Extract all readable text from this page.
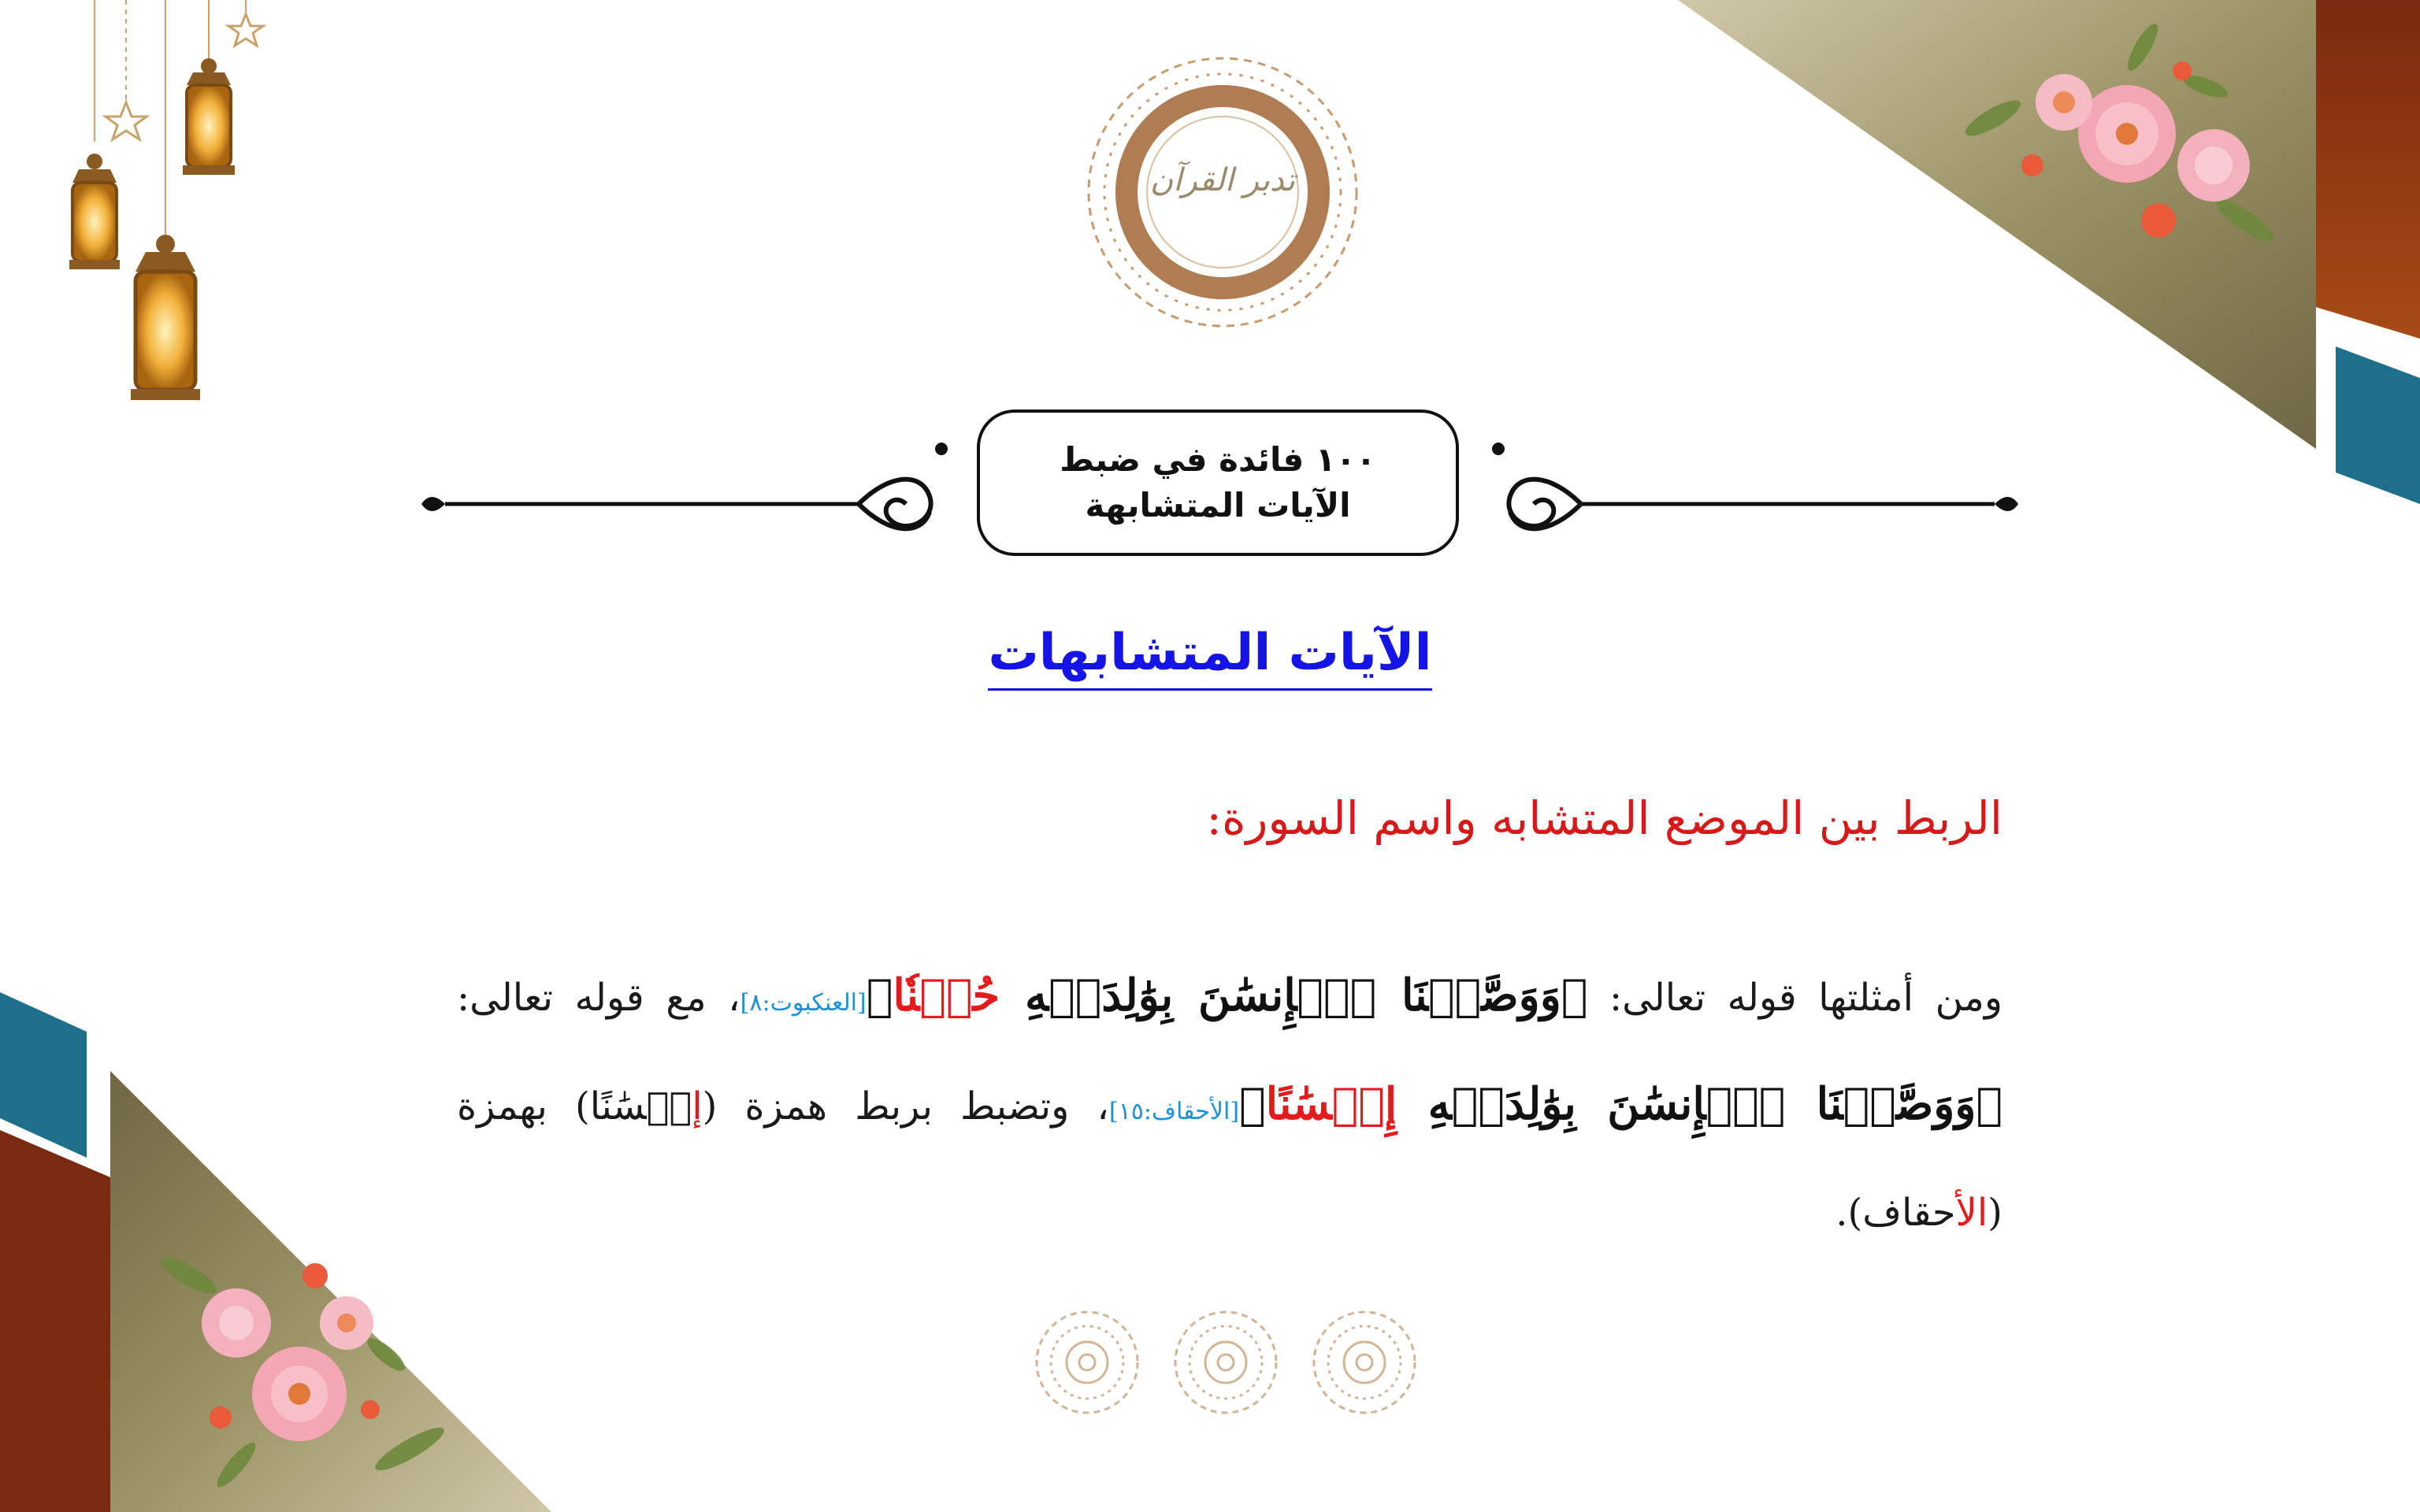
تدبر القرآن
١٠٠ فائدة في ضبط
الآيات المتشابهة
الآيات المتشابهات
الربط بين الموضع المتشابه واسم السورة:
ومن أمثلتها قوله تعالى: ﴿وَوَصَّيۡنَا ٱلۡإِنسَٰنَ بِوَٰلِدَيۡهِ حُسۡنٗا﴾[العنكبوت:٨]، مع قوله تعالى: ﴿وَوَصَّيۡنَا ٱلۡإِنسَٰنَ بِوَٰلِدَيۡهِ إِحۡسَٰنًا﴾[الأحقاف:١٥]، وتضبط بربط همزة (إحۡسَٰنًا) بهمزة (الأحقاف).
